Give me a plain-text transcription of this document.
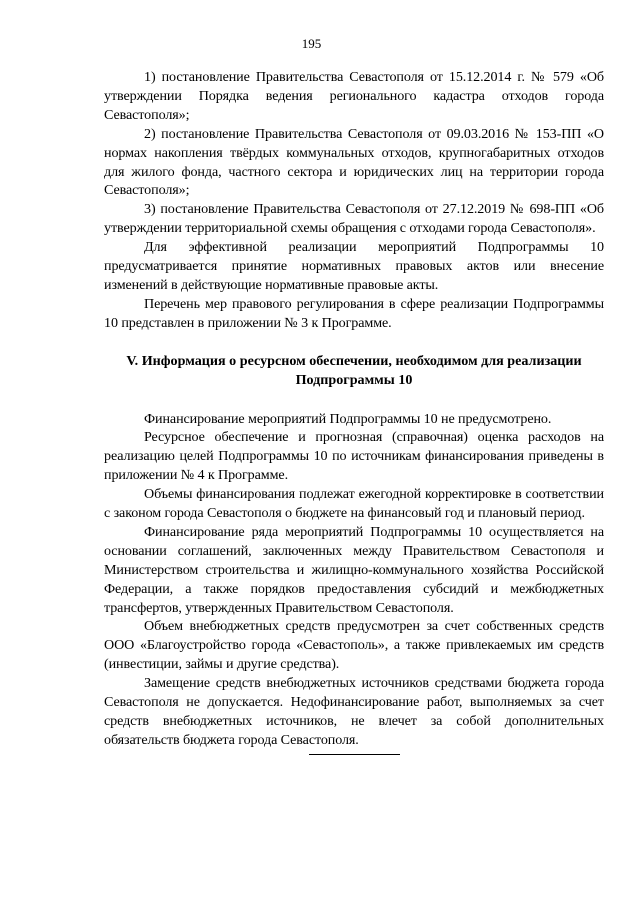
195

1) постановление Правительства Севастополя от 15.12.2014 г. № 579 «Об утверждении Порядка ведения регионального кадастра отходов города Севастополя»;

2) постановление Правительства Севастополя от 09.03.2016 № 153-ПП «О нормах накопления твёрдых коммунальных отходов, крупногабаритных отходов для жилого фонда, частного сектора и юридических лиц на территории города Севастополя»;

3) постановление Правительства Севастополя от 27.12.2019 № 698-ПП «Об утверждении территориальной схемы обращения с отходами города Севастополя».

Для эффективной реализации мероприятий Подпрограммы 10 предусматривается принятие нормативных правовых актов или внесение изменений в действующие нормативные правовые акты.

Перечень мер правового регулирования в сфере реализации Подпрограммы 10 представлен в приложении № 3 к Программе.

V. Информация о ресурсном обеспечении, необходимом для реализации Подпрограммы 10

Финансирование мероприятий Подпрограммы 10 не предусмотрено.

Ресурсное обеспечение и прогнозная (справочная) оценка расходов на реализацию целей Подпрограммы 10 по источникам финансирования приведены в приложении № 4 к Программе.

Объемы финансирования подлежат ежегодной корректировке в соответствии с законом города Севастополя о бюджете на финансовый год и плановый период.

Финансирование ряда мероприятий Подпрограммы 10 осуществляется на основании соглашений, заключенных между Правительством Севастополя и Министерством строительства и жилищно-коммунального хозяйства Российской Федерации, а также порядков предоставления субсидий и межбюджетных трансфертов, утвержденных Правительством Севастополя.

Объем внебюджетных средств предусмотрен за счет собственных средств ООО «Благоустройство города «Севастополь», а также привлекаемых им средств (инвестиции, займы и другие средства).

Замещение средств внебюджетных источников средствами бюджета города Севастополя не допускается. Недофинансирование работ, выполняемых за счет средств внебюджетных источников, не влечет за собой дополнительных обязательств бюджета города Севастополя.
